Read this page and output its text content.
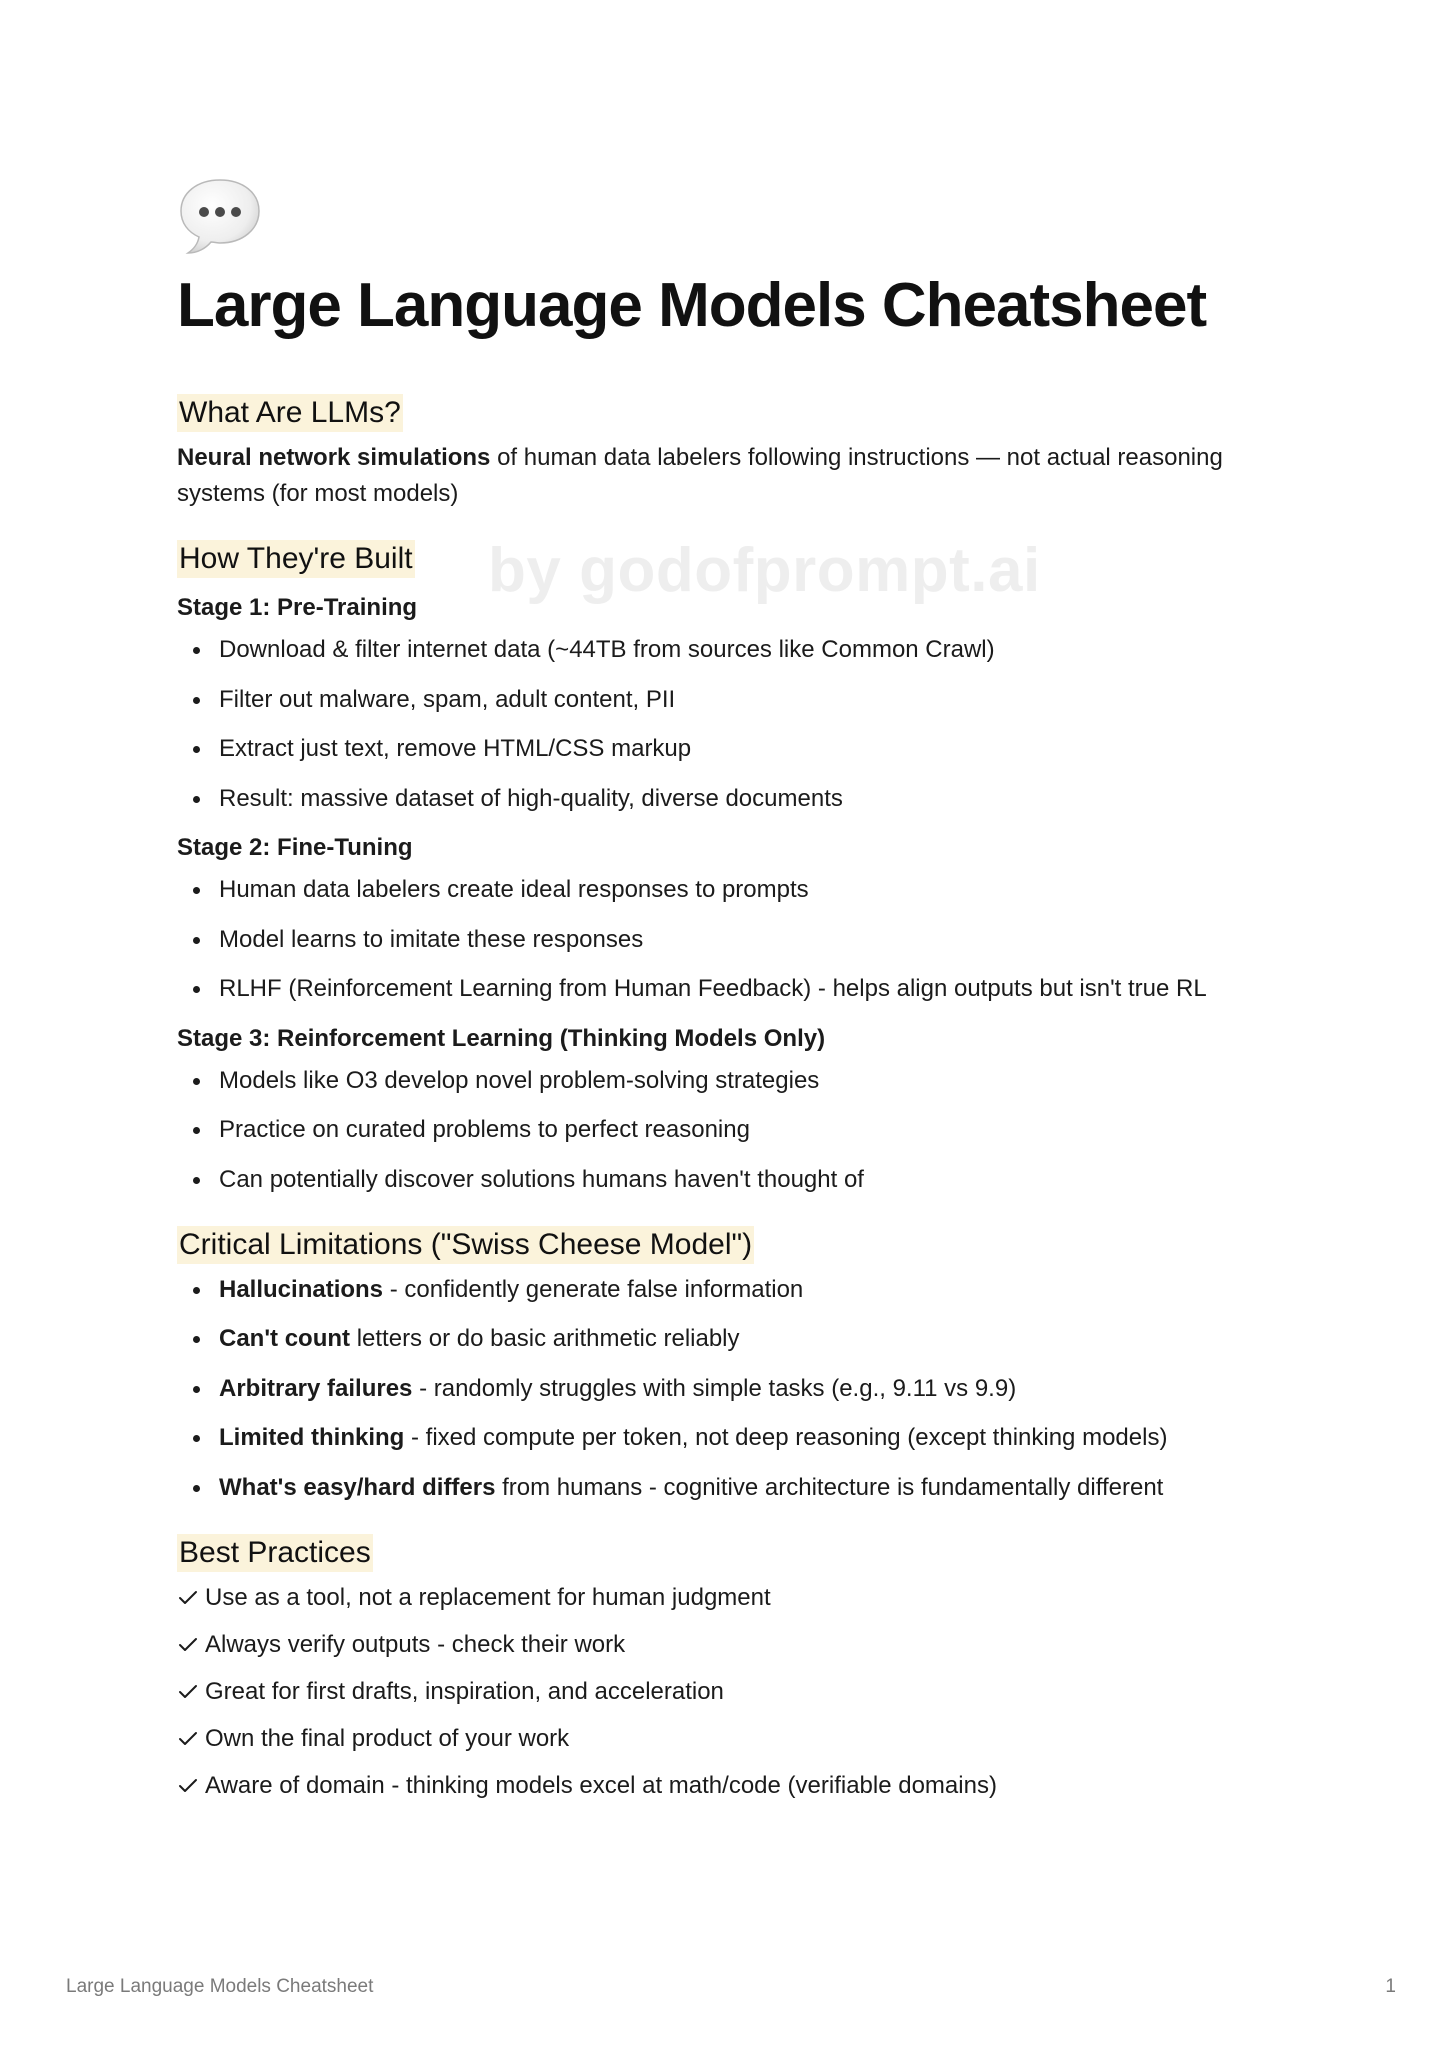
by godofprompt.ai
Large Language Models Cheatsheet
What Are LLMs?

Neural network simulations of human data labelers following instructions — not actual reasoning systems (for most models)

How They're Built
Stage 1: Pre-Training
Download & filter internet data (~44TB from sources like Common Crawl)
Filter out malware, spam, adult content, PII
Extract just text, remove HTML/CSS markup
Result: massive dataset of high-quality, diverse documents
Stage 2: Fine-Tuning
Human data labelers create ideal responses to prompts
Model learns to imitate these responses
RLHF (Reinforcement Learning from Human Feedback) - helps align outputs but isn't true RL
Stage 3: Reinforcement Learning (Thinking Models Only)
Models like O3 develop novel problem-solving strategies
Practice on curated problems to perfect reasoning
Can potentially discover solutions humans haven't thought of
Critical Limitations ("Swiss Cheese Model")
Hallucinations - confidently generate false information
Can't count letters or do basic arithmetic reliably
Arbitrary failures - randomly struggles with simple tasks (e.g., 9.11 vs 9.9)
Limited thinking - fixed compute per token, not deep reasoning (except thinking models)
What's easy/hard differs from humans - cognitive architecture is fundamentally different
Best Practices
Use as a tool, not a replacement for human judgment
Always verify outputs - check their work
Great for first drafts, inspiration, and acceleration
Own the final product of your work
Aware of domain - thinking models excel at math/code (verifiable domains)
Large Language Models Cheatsheet	1
